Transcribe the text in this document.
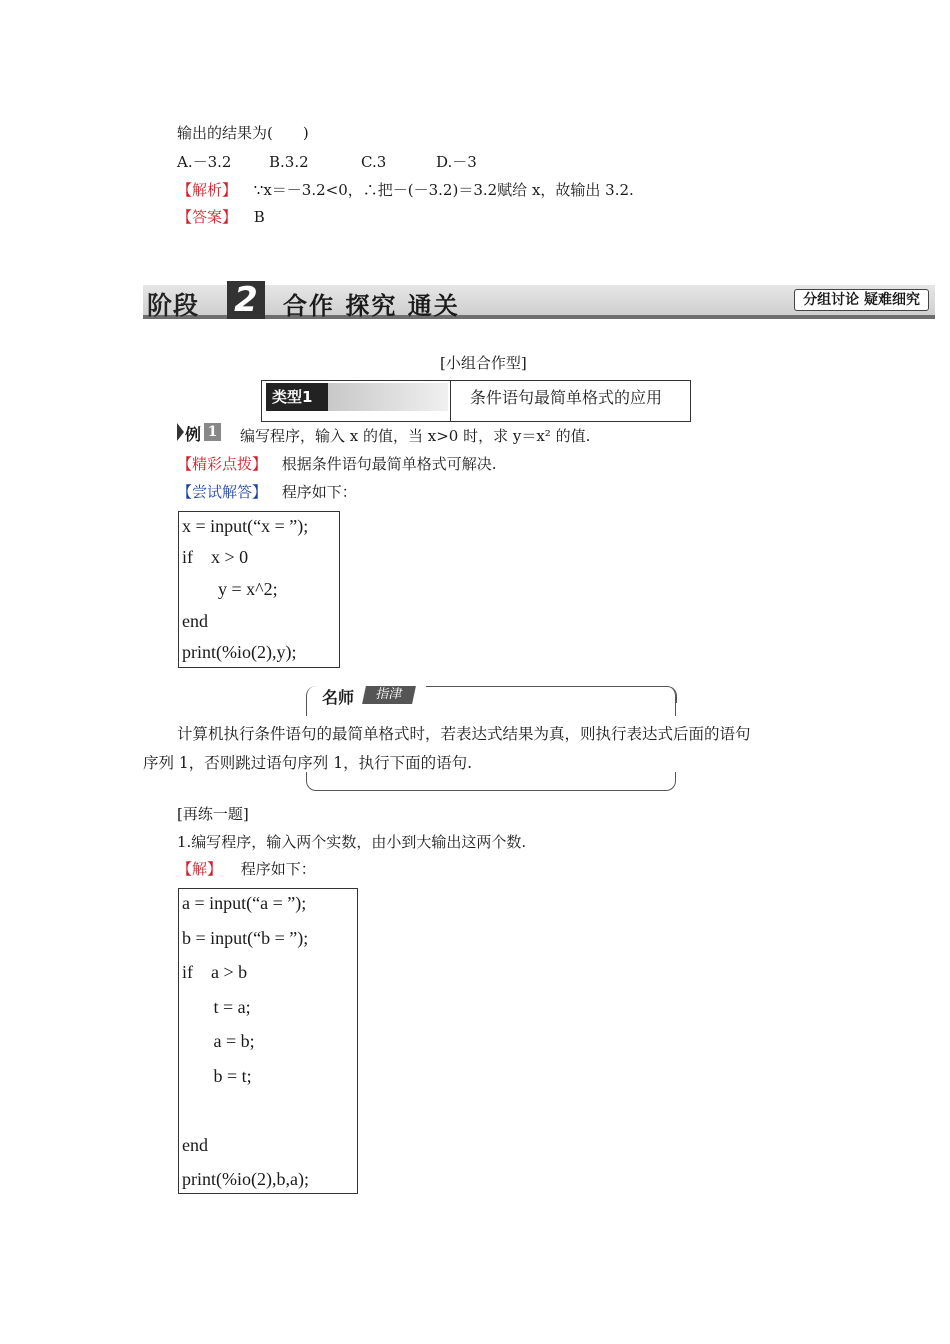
输出的结果为(　　)
A.－3.2	B.3.2	C.3	D.－3
【解析】 ∵x＝－3.2<0，∴把－(－3.2)＝3.2赋给 x，故输出 3.2.
【答案】 B
阶段 2 合作 探究 通关	分组讨论 疑难细究
[小组合作型]
类型1	条件语句最简单格式的应用
例 1 编写程序，输入 x 的值，当 x>0 时，求 y＝x² 的值.
【精彩点拨】 根据条件语句最简单格式可解决.
【尝试解答】 程序如下：
x = input(“x = ”);
if    x > 0
y = x^2;
end
print(%io(2),y);
名师	指津
计算机执行条件语句的最简单格式时，若表达式结果为真，则执行表达式后面的语句
序列 1，否则跳过语句序列 1，执行下面的语句.
[再练一题]
1.编写程序，输入两个实数，由小到大输出这两个数.
【解】 程序如下：
a = input(“a = ”);
b = input(“b = ”);
if    a > b
t = a;
a = b;
b = t;
end
print(%io(2),b,a);
